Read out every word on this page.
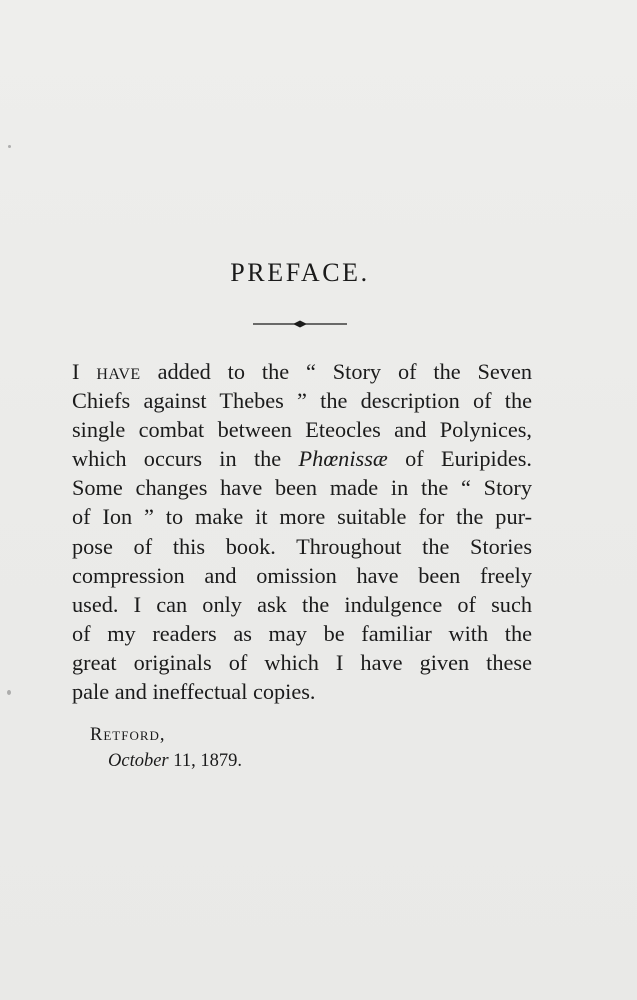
PREFACE.
I have added to the “ Story of the Seven
Chiefs against Thebes ” the description of the
single combat between Eteocles and Polynices,
which occurs in the Phœnissæ of Euripides.
Some changes have been made in the “ Story
of Ion ” to make it more suitable for the pur-
pose of this book. Throughout the Stories
compression and omission have been freely
used. I can only ask the indulgence of such
of my readers as may be familiar with the
great originals of which I have given these
pale and ineffectual copies.
Retford,
October 11, 1879.
